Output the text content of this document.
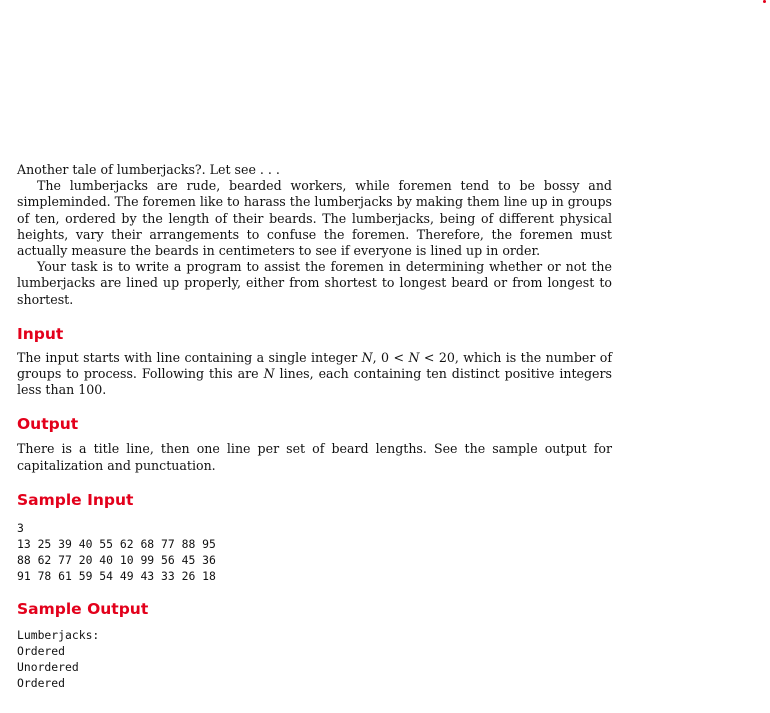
Another tale of lumberjacks?. Let see . . .

The lumberjacks are rude, bearded workers, while foremen tend to be bossy and simpleminded. The foremen like to harass the lumberjacks by making them line up in groups of ten, ordered by the length of their beards. The lumberjacks, being of different physical heights, vary their arrangements to confuse the foremen. Therefore, the foremen must actually measure the beards in centimeters to see if everyone is lined up in order.

Your task is to write a program to assist the foremen in determining whether or not the lumberjacks are lined up properly, either from shortest to longest beard or from longest to shortest.

Input

The input starts with line containing a single integer N, 0 < N < 20, which is the number of groups to process. Following this are N lines, each containing ten distinct positive integers less than 100.

Output

There is a title line, then one line per set of beard lengths. See the sample output for capitalization and punctuation.

Sample Input

3

13 25 39 40 55 62 68 77 88 95

88 62 77 20 40 10 99 56 45 36

91 78 61 59 54 49 43 33 26 18

Sample Output

Lumberjacks:

Ordered

Unordered

Ordered
